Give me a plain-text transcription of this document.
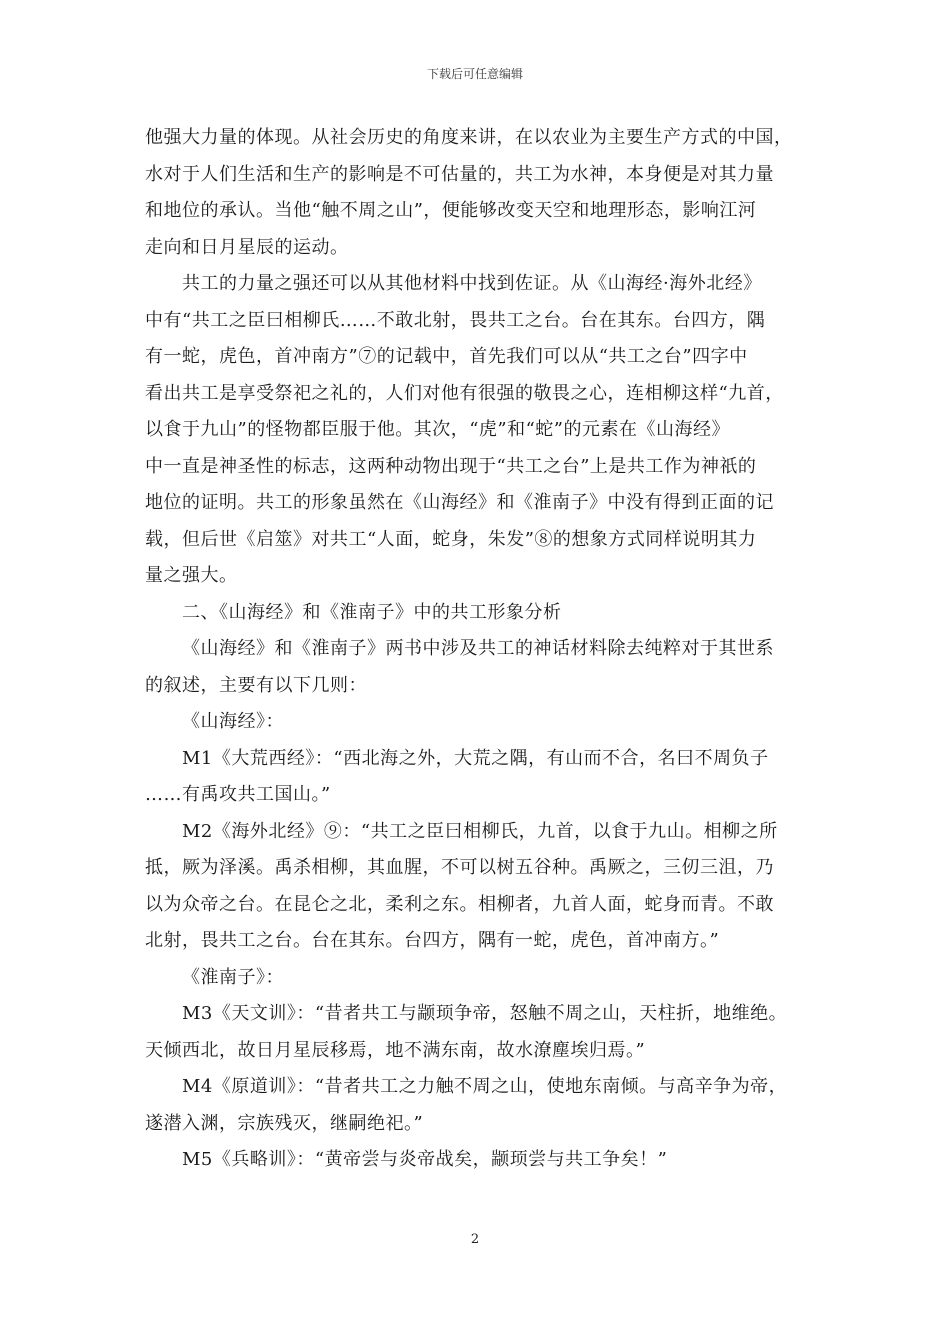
下载后可任意编辑
他强大力量的体现。从社会历史的角度来讲，在以农业为主要生产方式的中国，
水对于人们生活和生产的影响是不可估量的，共工为水神，本身便是对其力量
和地位的承认。当他“触不周之山”，便能够改变天空和地理形态，影响江河
走向和日月星辰的运动。
共工的力量之强还可以从其他材料中找到佐证。从《山海经·海外北经》
中有“共工之臣曰相柳氏……不敢北射，畏共工之台。台在其东。台四方，隅
有一蛇，虎色，首冲南方”⑦的记载中，首先我们可以从“共工之台”四字中
看出共工是享受祭祀之礼的，人们对他有很强的敬畏之心，连相柳这样“九首，
以食于九山”的怪物都臣服于他。其次，“虎”和“蛇”的元素在《山海经》
中一直是神圣性的标志，这两种动物出现于“共工之台”上是共工作为神祇的
地位的证明。共工的形象虽然在《山海经》和《淮南子》中没有得到正面的记
载，但后世《启筮》对共工“人面，蛇身，朱发”⑧的想象方式同样说明其力
量之强大。
二、《山海经》和《淮南子》中的共工形象分析
《山海经》和《淮南子》两书中涉及共工的神话材料除去纯粹对于其世系
的叙述，主要有以下几则：
《山海经》：
M1《大荒西经》：“西北海之外，大荒之隅，有山而不合，名曰不周负子
……有禹攻共工国山。”
M2《海外北经》⑨：“共工之臣曰相柳氏，九首，以食于九山。相柳之所
抵，厥为泽溪。禹杀相柳，其血腥，不可以树五谷种。禹厥之，三仞三沮，乃
以为众帝之台。在昆仑之北，柔利之东。相柳者，九首人面，蛇身而青。不敢
北射，畏共工之台。台在其东。台四方，隅有一蛇，虎色，首冲南方。”
《淮南子》：
M3《天文训》：“昔者共工与颛顼争帝，怒触不周之山，天柱折，地维绝。
天倾西北，故日月星辰移焉，地不满东南，故水潦塵埃归焉。”
M4《原道训》：“昔者共工之力触不周之山，使地东南倾。与高辛争为帝，
遂潜入渊，宗族残灭，继嗣绝祀。”
M5《兵略训》：“黄帝尝与炎帝战矣，颛顼尝与共工争矣！”
2
